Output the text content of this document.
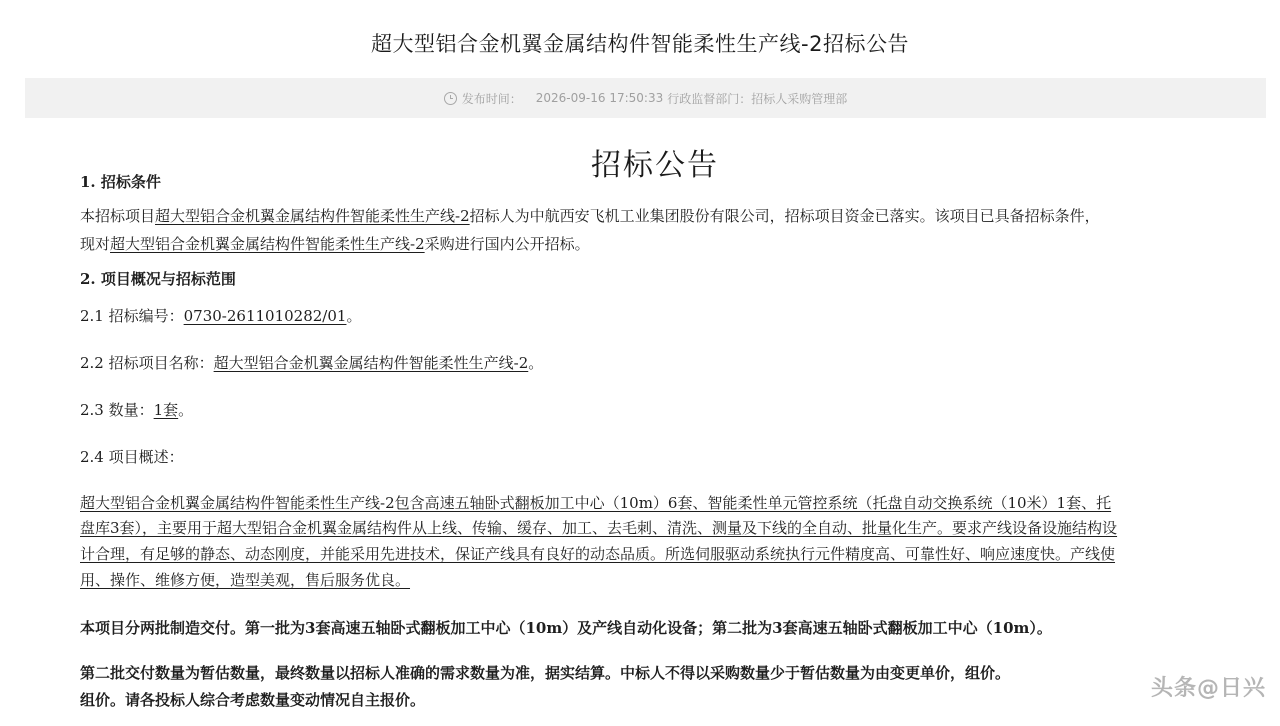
超大型铝合金机翼金属结构件智能柔性生产线-2招标公告
发布时间： 2026-09-16 17:50:33 行政监督部门： 招标人采购管理部
招标公告
1. 招标条件
本招标项目超大型铝合金机翼金属结构件智能柔性生产线-2招标人为中航西安飞机工业集团股份有限公司，招标项目资金已落实。该项目已具备招标条件，
现对超大型铝合金机翼金属结构件智能柔性生产线-2采购进行国内公开招标。
2. 项目概况与招标范围
2.1 招标编号：0730-2611010282/01。
2.2 招标项目名称：超大型铝合金机翼金属结构件智能柔性生产线-2。
2.3 数量：1套。
2.4 项目概述：
超大型铝合金机翼金属结构件智能柔性生产线-2包含高速五轴卧式翻板加工中心（10m）6套、智能柔性单元管控系统（托盘自动交换系统（10米）1套、托
盘库3套），主要用于超大型铝合金机翼金属结构件从上线、传输、缓存、加工、去毛刺、清洗、测量及下线的全自动、批量化生产。要求产线设备设施结构设
计合理，有足够的静态、动态刚度，并能采用先进技术，保证产线具有良好的动态品质。所选伺服驱动系统执行元件精度高、可靠性好、响应速度快。产线使
用、操作、维修方便，造型美观，售后服务优良。
本项目分两批制造交付。第一批为3套高速五轴卧式翻板加工中心（10m）及产线自动化设备；第二批为3套高速五轴卧式翻板加工中心（10m）。
第二批交付数量为暂估数量，最终数量以招标人准确的需求数量为准，据实结算。中标人不得以采购数量少于暂估数量为由变更单价，组价。
组价。请各投标人综合考虑数量变动情况自主报价。	头条@日兴
